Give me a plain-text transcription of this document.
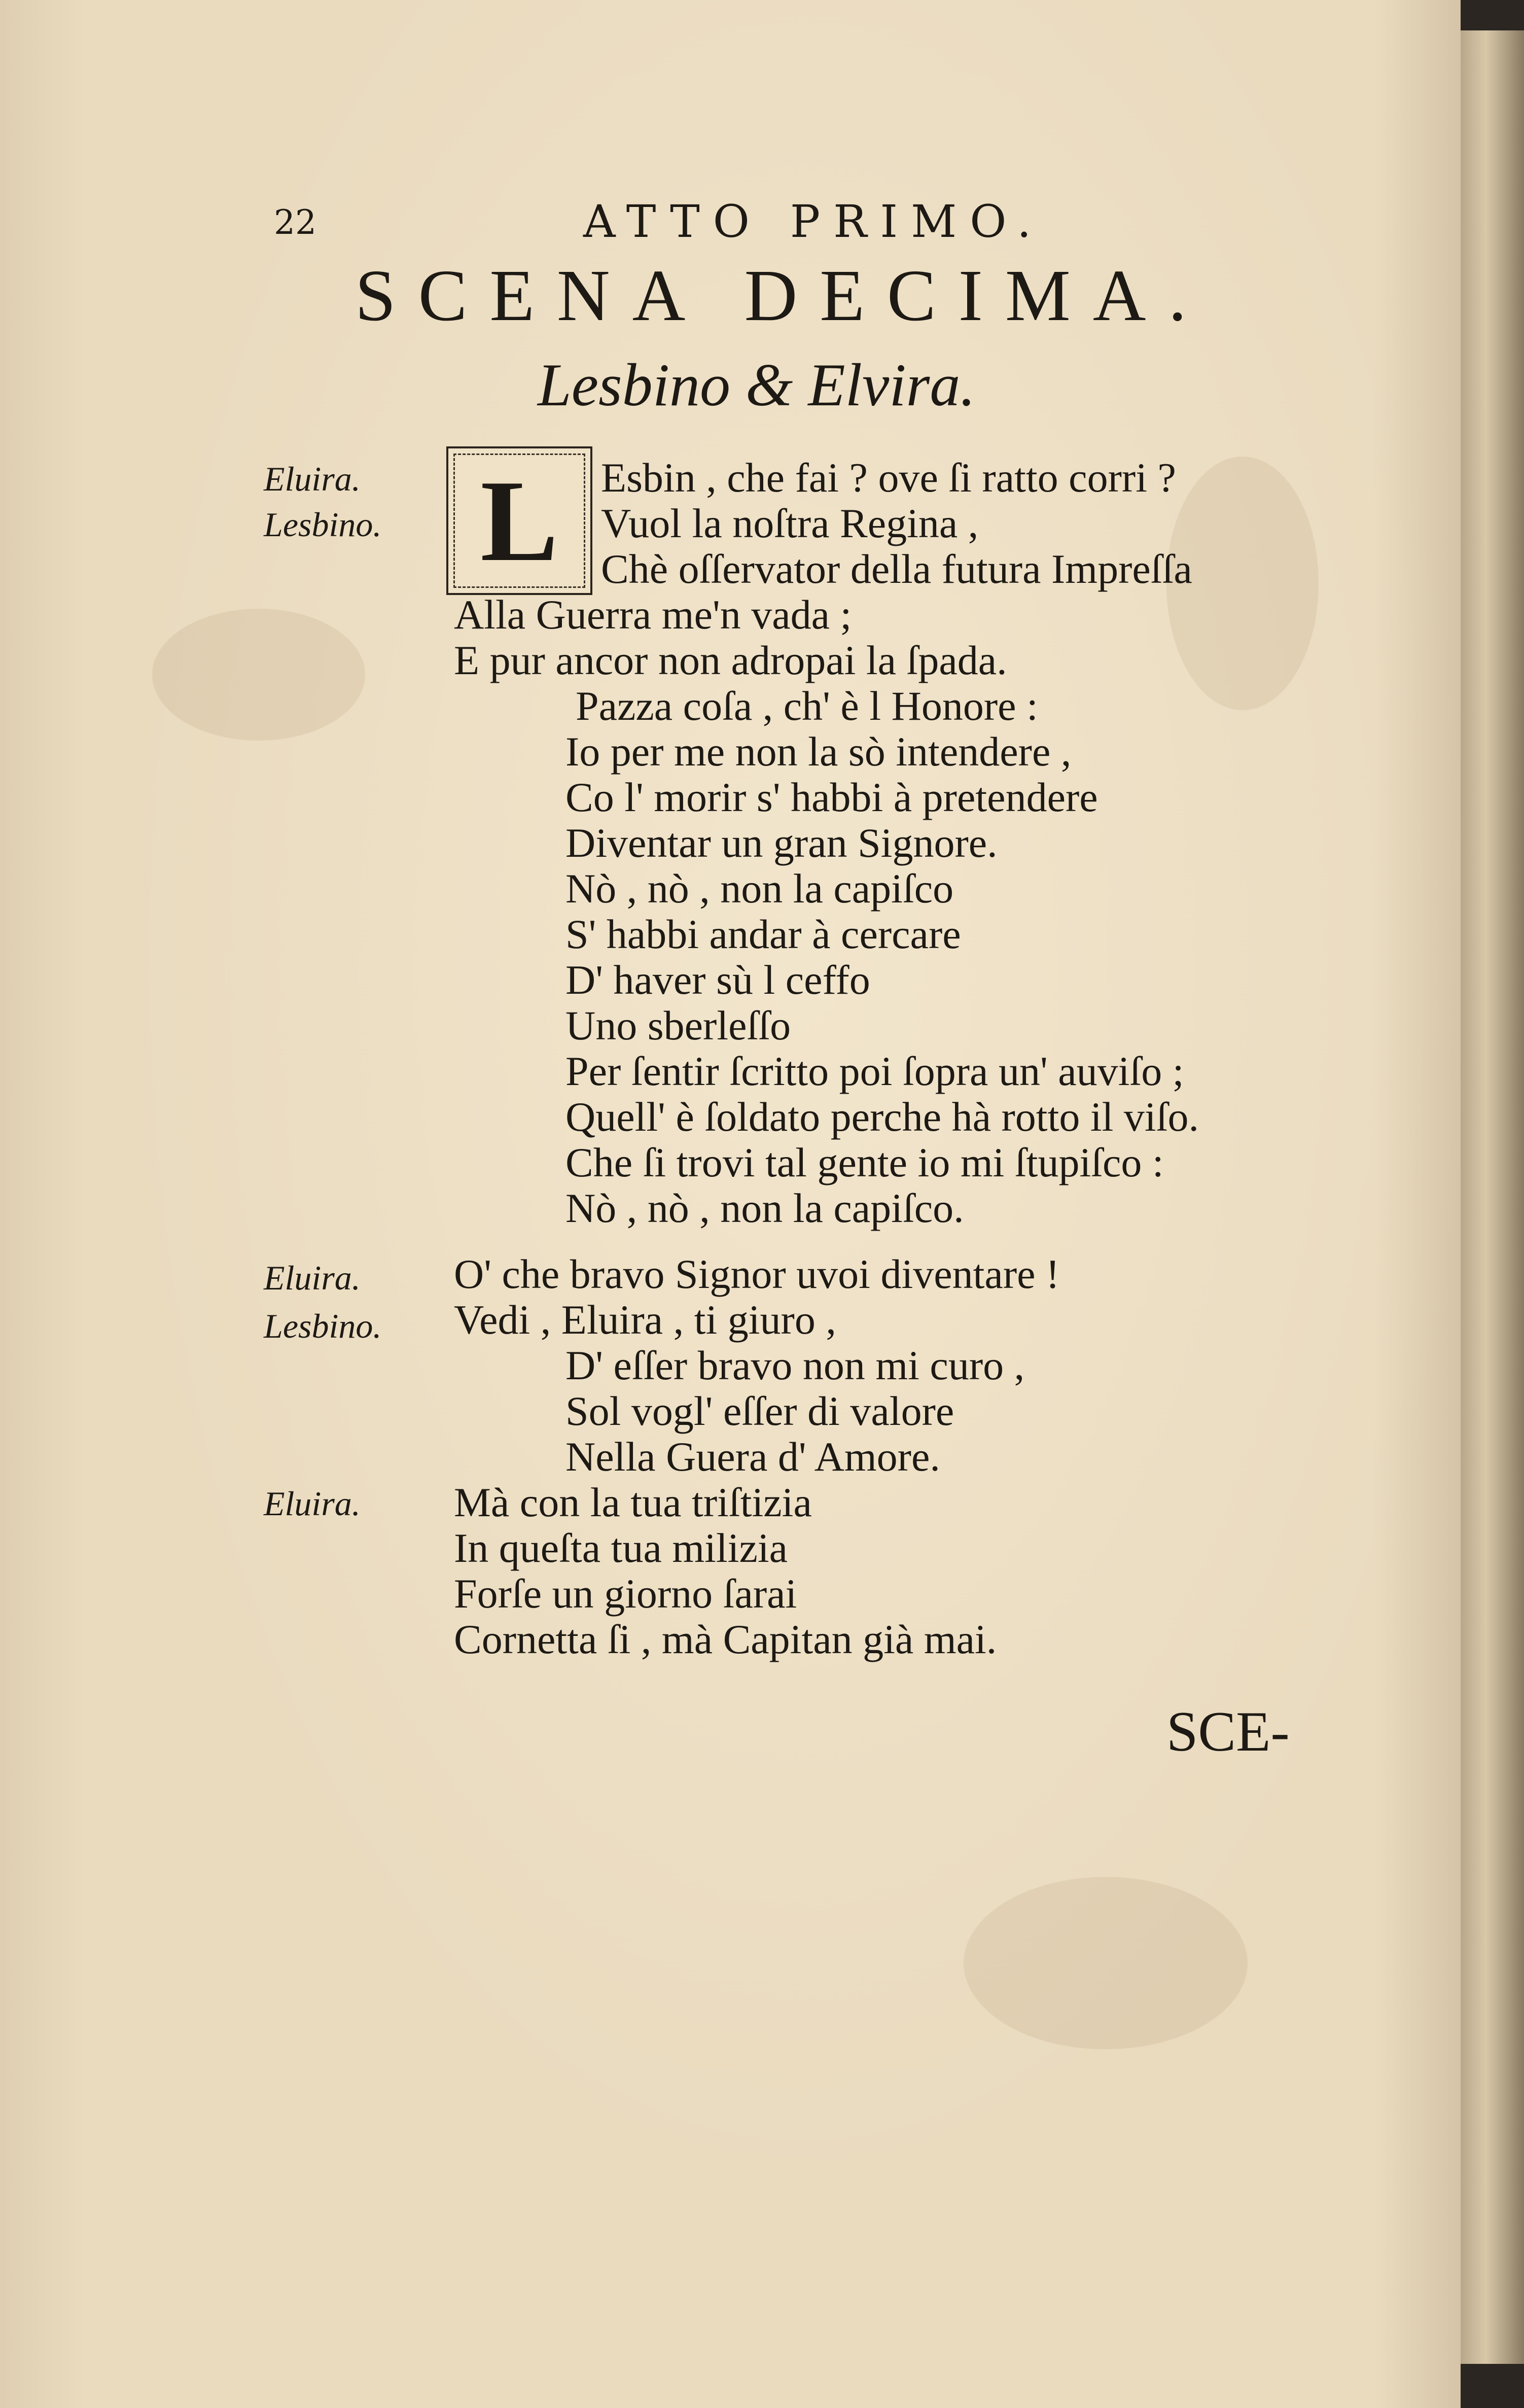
22	ATTO PRIMO.
SCENA DECIMA.
Lesbino & Elvira.
L
Eluira.
Lesbino.
Eluira.
Lesbino.
Eluira.
Esbin , che fai ? ove ſi ratto corri ?
Vuol la noſtra Regina ,
Chè oſſervator della futura Impreſſa
Alla Guerra me'n vada ;
E pur ancor non adropai la ſpada.
Pazza coſa , ch' è l Honore :
Io per me non la sò intendere ,
Co l' morir s' habbi à pretendere
Diventar un gran Signore.
Nò , nò , non la capiſco
S' habbi andar à cercare
D' haver sù l ceffo
Uno sberleſſo
Per ſentir ſcritto poi ſopra un' auviſo ;
Quell' è ſoldato perche hà rotto il viſo.
Che ſi trovi tal gente io mi ſtupiſco :
Nò , nò , non la capiſco.
O' che bravo Signor uvoi diventare !
Vedi , Eluira , ti giuro ,
D' eſſer bravo non mi curo ,
Sol vogl' eſſer di valore
Nella Guera d' Amore.
Mà con la tua triſtizia
In queſta tua milizia
Forſe un giorno ſarai
Cornetta ſi , mà Capitan già mai.
SCE-
